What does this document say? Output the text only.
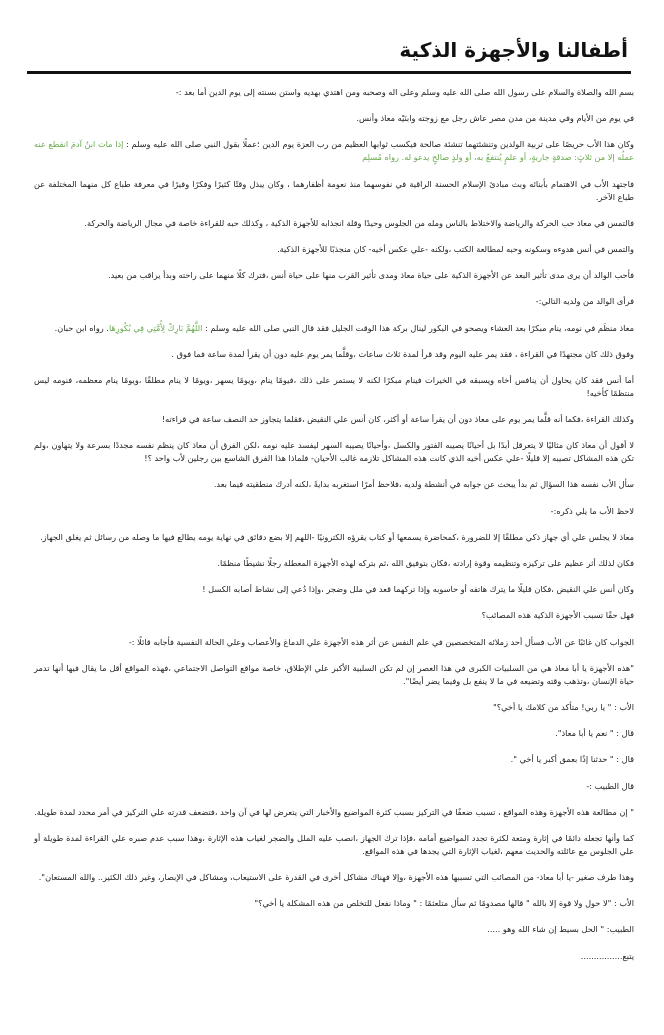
أطفالنا والأجهزة الذكية

بسم الله والصلاة والسلام على رسول الله صلى الله عليه وسلم وعلى اله وصحبه ومن اهتدي بهديه واستن بسنته إلى يوم الدين أما بعد :-

في يوم من الأيام وفي مدينة من مدن مصر عاش رجل مع زوجته وابنَيْه معاذ وأنس.

وكان هذا الأب حريصًا على تربية الولدين وتنشئتهما تنشئة صالحة فيكسب ثوابها العظيم من رب العزة يوم الدين ؛عملًا بقول النبي صلى الله عليه وسلم : إذا مات ابنُ آدمَ انقطع عنه عملُه إلا من ثلاثٍ: صدقةٍ جاريةٍ، أو علمٍ يُنتفعُ به، أو ولدٍ صالحٍ يدعو له. رواه مُسلِم

فاجتهد الأب في الاهتمام بأبنائه وبث مبادئ الإسلام الحسنة الراقية في نفوسهما منذ نعومة أظفارهما ، وكان يبذل وقتًا كثيرًا وفكرًا وفيرًا في معرفة طباع كل منهما المختلفة عن طباع الآخر.

فالتمس في معاذ حب الحركة والرياضة والاختلاط بالناس ومله من الجلوس وحيدًا وقلة انجذابه للأجهزة الذكية ، وكذلك حبه للقراءة خاصة في مجال الرياضة والحركة.

والتمس في أنس هدوءه وسكونه وحبه لمطالعة الكتب ،ولكنه -علي عكس أخيه- كان منجذبًا للأجهزة الذكية.

فأحب الوالد أن يرى مدى تأثير البعد عن الأجهزة الذكية على حياة معاذ ومدى تأثير القرب منها على حياة أنس ،فترك كلًا منهما على راحته وبدأ يراقب من بعيد.

فرأى الوالد من ولديه التالي:-

معاذ منظَم في نومه، ينام مبكرًا بعد العشاء ويصحو في البكور لينال بركة هذا الوقت الجليل فقد قال النبي صلى الله عليه وسلم : اللَّهُمَّ بَارِكْ لِأُمَّتِي فِي بُكُورِهَا. رواه ابن حبان.

وفوق ذلك كان مجتهدًا في القراءة ، فقد يمر عليه اليوم وقد قرأ لمدة ثلاث ساعات ،وقلَّما يمر يوم عليه دون أن يقرأ لمدة ساعة فما فوق .

أما أنس فقد كان يحاول أن ينافس أخاه ويسبقه في الخيرات فينام مبكرًا لكنه لا يستمر على ذلك ،فيومًا ينام ،ويومًا يسهر ،ويومًا لا ينام مطلقًا ،ويومًا ينام معظمه، فنومه ليس منتظمًا كأخيه!

وكذلك القراءة ،فكما أنه قلَّما يمر يوم على معاذ دون أن يقرأ ساعة أو أكثر، كان أنس علي النقيض ،فقلما يتجاوز حد النصف ساعة في قراءته!

لا أقول أن معاذ كان مثاليًا لا يتعرقل أبدًا بل أحيانًا يصيبه الفتور والكسل ،وأحيانًا يصيبه السهر ليفسد عليه نومه ،لكن الفرق أن معاذ كان ينظم نفسه مجددًا بسرعة ولا يتهاون ،ولم تكن هذه المشاكل تصيبه إلا قليلًا -علي عكس أخيه الذي كانت هذه المشاكل تلازمه غالب الأحيان- فلماذا هذا الفرق الشاسع بين رجلين لأب واحد ؟!

سأل الأب نفسه هذا السؤال ثم بدأ يبحث عن جوابه في أنشطة ولديه ،فلاحظ أمرًا استغربه بدايةً ،لكنه أدرك منطقيته فيما بعد.

لاحظ الأب ما يلي ذكره:-

معاذ لا يجلس علي أي جهاز ذكي مطلقًا إلا للضرورة ،كمحاضرة يسمعها أو كتاب يقرؤه الكترونيًا -اللهم إلا بضع دقائق في نهاية يومه يطالع فيها ما وصله من رسائل ثم يغلق الجهاز.

فكان لذلك أثر عظيم على تركيزه وتنظيمه وقوة إرادته ،فكان بتوفيق الله ،ثم بتركه لهذه الأجهزة المعطلة رجلًا نشيطًا منظمًا.

وكان أنس علي النقيض ،فكان قليلًا ما يترك هاتفه أو حاسوبه وإذا تركهما قعد في ملل وضجر ،وإذا دُعي إلى نشاط أصابه الكسل !

فهل حقًا تسبب الأجهزة الذكية هذه المصائب؟

الجواب كان غائبًا عن الأب فسأل أحد زملائه المتخصصين في علم النفس عن أثر هذه الأجهزة علي الدماغ والأعصاب وعلي الحالة النفسية فأجابه قائلًا :-

"هذه الأجهزة يا أبا معاذ هي من السلبيات الكبرى في هذا العصر إن لم تكن السلبية الأكبر علي الإطلاق، خاصة مواقع التواصل الاجتماعي ،فهذه المواقع أقل ما يقال فيها أنها تدمر حياة الإنسان ،وتذهب وقته وتضيعه في ما لا ينفع بل وفيما يضر أيضًا".

الأب : " يا ربي! متأكد من كلامك يا أخي؟"

قال : " نعم يا أبا معاذ".

قال : " حدثنا إذًا بعمق أكبر يا أخي ".

قال الطبيب :-

" إن مطالعة هذه الأجهزة وهذه المواقع ، تسبب ضعفًا في التركيز بسبب كثرة المواضيع والأخبار التي يتعرض لها في آن واحد ،فتضعف قدرته علي التركيز في أمر محدد لمدة طويلة.

كما وأنها تجعله دائمًا في إثارة ومتعة لكثرة تجدد المواضيع أمامه ،فإذا ترك الجهاز ،انصب عليه الملل والضجر لغياب هذه الإثارة ،وهذا سبب عدم صبره علي القراءة لمدة طويلة أو علي الجلوس مع عائلته والحديث معهم ،لغياب الإثارة التي يجدها في هذه المواقع.

وهذا طرف صغير -يا أبا معاذ- من المصائب التي تسببها هذه الأجهزة ،وإلا فهناك مشاكل أخرى في القدرة على الاستيعاب، ومشاكل في الإبصار، وغير ذلك الكثير.. والله المستعان".

الأب : "لا حول ولا قوة إلا بالله " قالها مصدومًا ثم سأل متلعثمًا : " وماذا نفعل للتخلص من هذه المشكلة يا أخي؟"

الطبيب: " الحل بسيط إن شاء الله وهو .....

يتبع................
